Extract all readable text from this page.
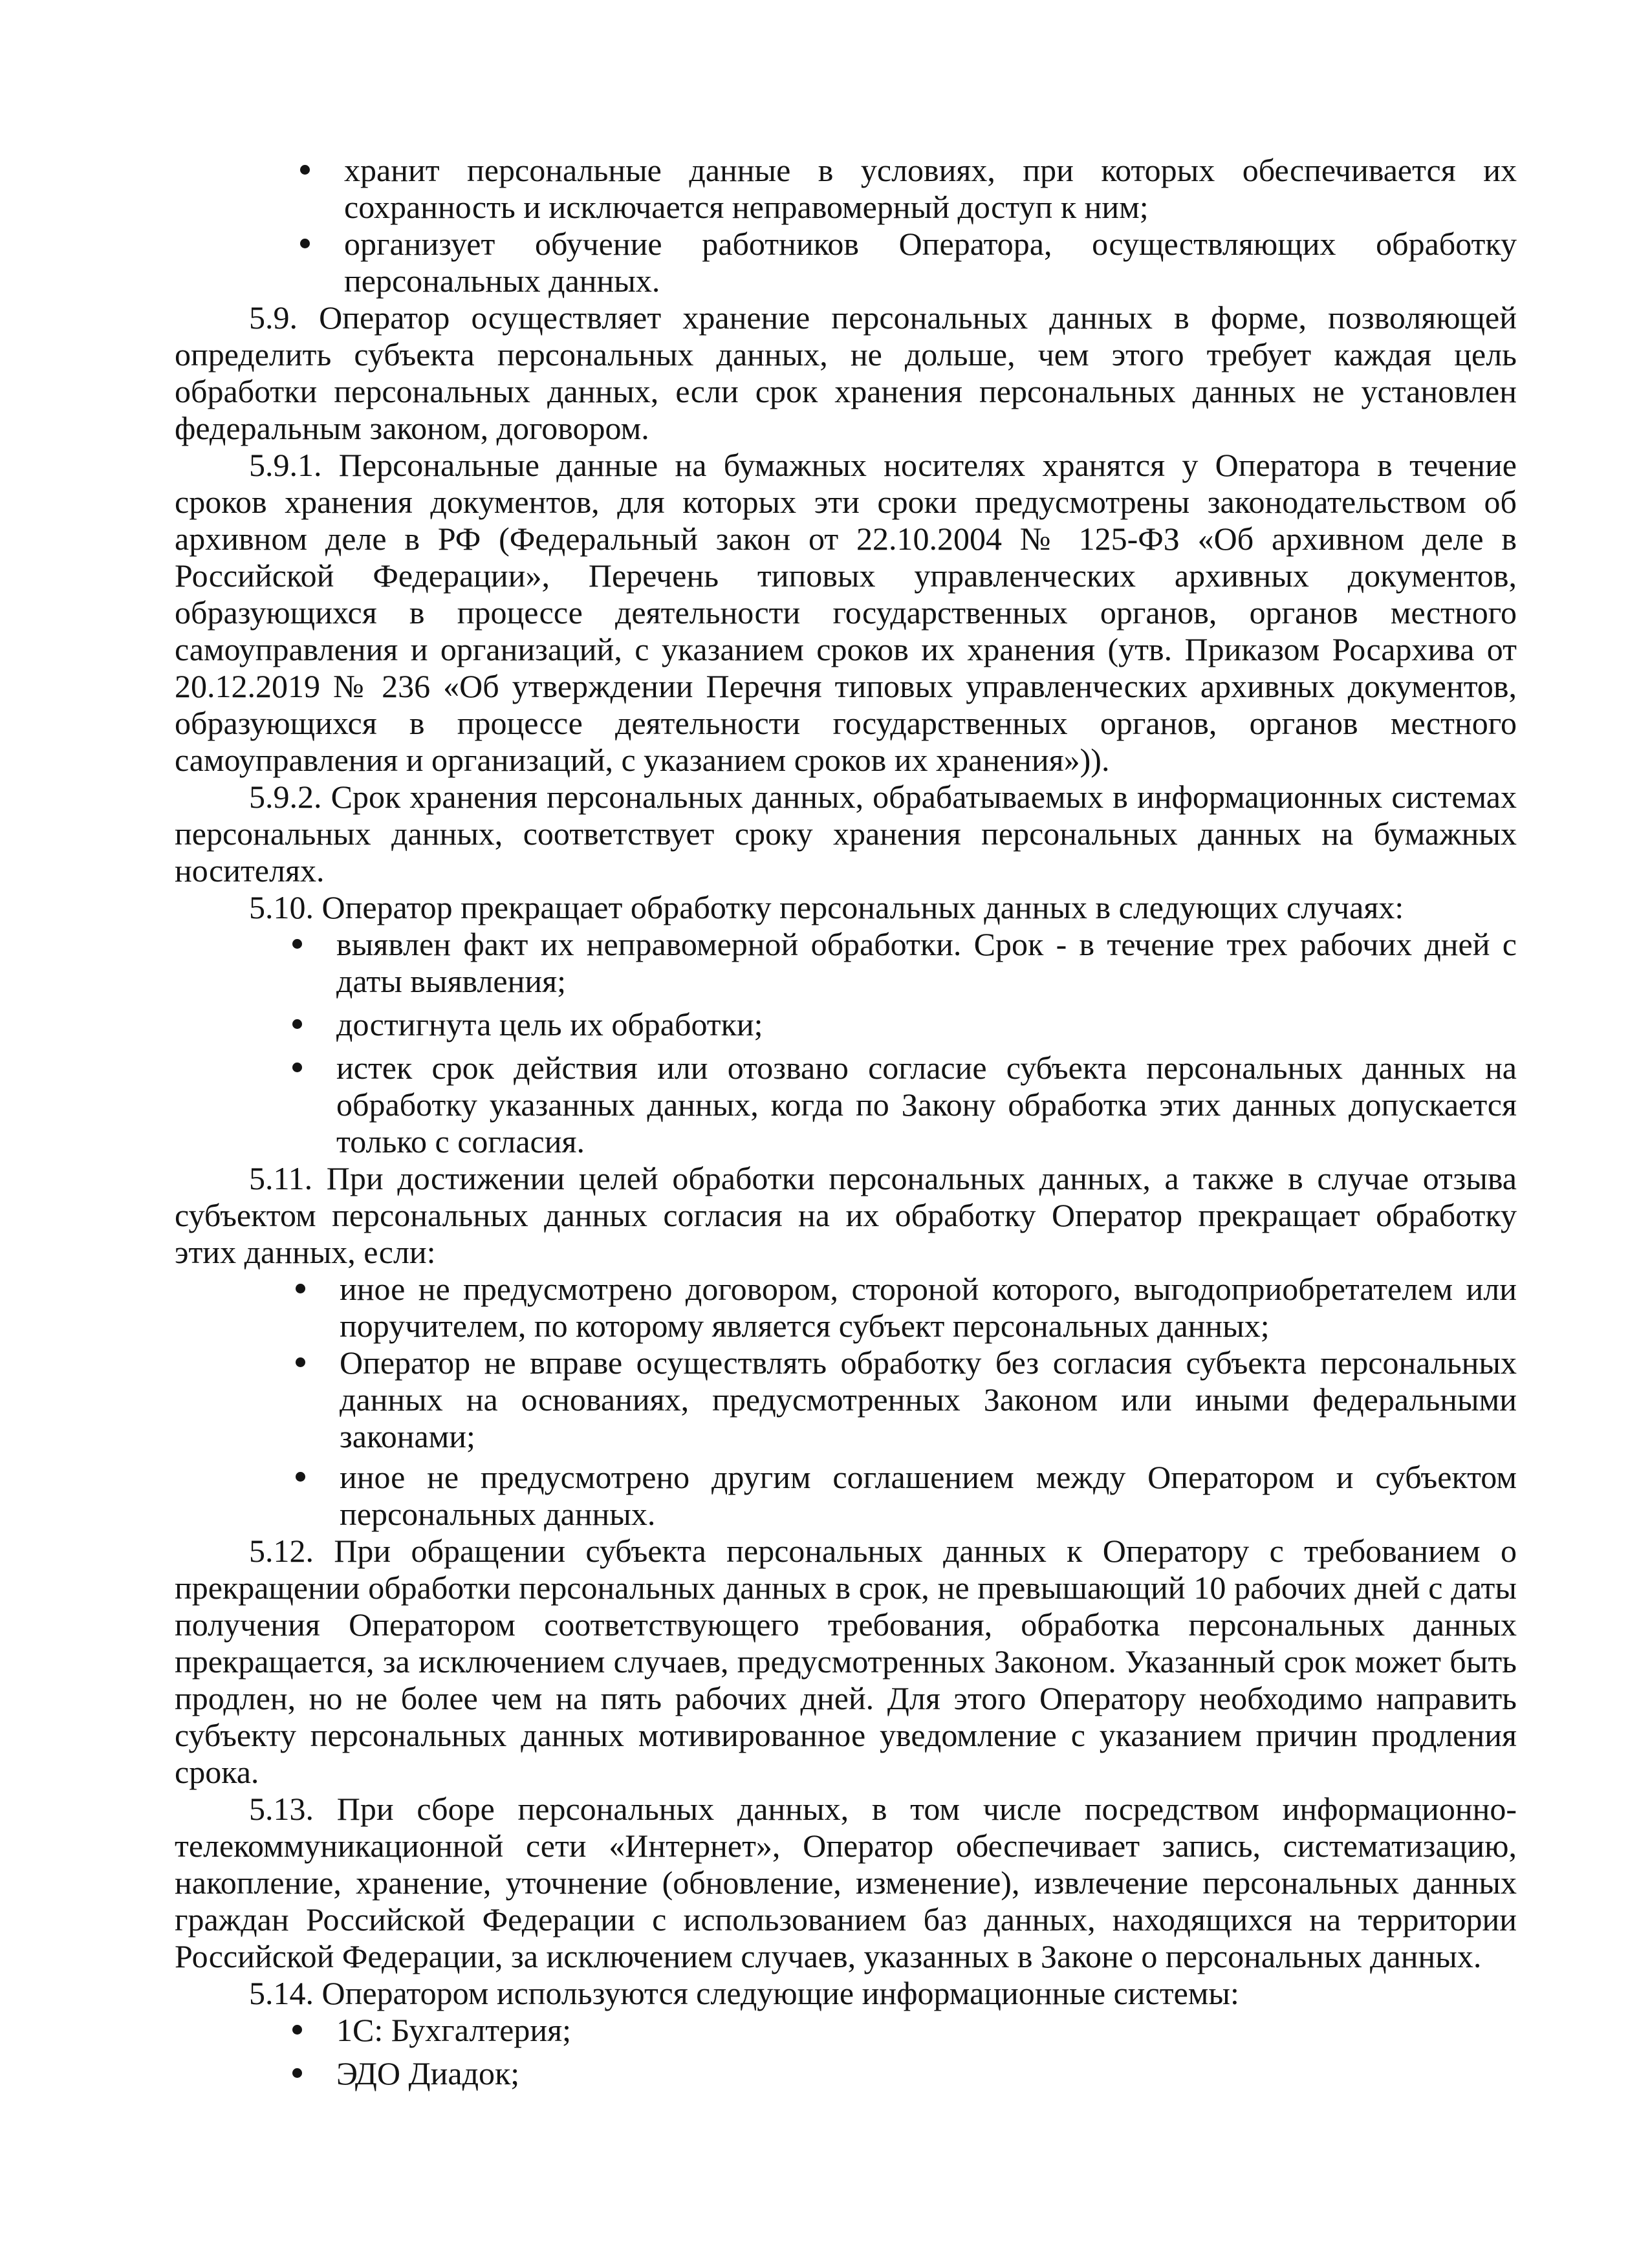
хранит персональные данные в условиях, при которых обеспечивается их сохранность и исключается неправомерный доступ к ним;
организует обучение работников Оператора, осуществляющих обработку персональных данных.

5.9. Оператор осуществляет хранение персональных данных в форме, позволяющей определить субъекта персональных данных, не дольше, чем этого требует каждая цель обработки персональных данных, если срок хранения персональных данных не установлен федеральным законом, договором.

5.9.1. Персональные данные на бумажных носителях хранятся у Оператора в течение сроков хранения документов, для которых эти сроки предусмотрены законодательством об архивном деле в РФ (Федеральный закон от 22.10.2004 № 125-ФЗ «Об архивном деле в Российской Федерации», Перечень типовых управленческих архивных документов, образующихся в процессе деятельности государственных органов, органов местного самоуправления и организаций, с указанием сроков их хранения (утв. Приказом Росархива от 20.12.2019 № 236 «Об утверждении Перечня типовых управленческих архивных документов, образующихся в процессе деятельности государственных органов, органов местного самоуправления и организаций, с указанием сроков их хранения»)).

5.9.2. Срок хранения персональных данных, обрабатываемых в информационных системах персональных данных, соответствует сроку хранения персональных данных на бумажных носителях.

5.10. Оператор прекращает обработку персональных данных в следующих случаях:

выявлен факт их неправомерной обработки. Срок - в течение трех рабочих дней с даты выявления;
достигнута цель их обработки;
истек срок действия или отозвано согласие субъекта персональных данных на обработку указанных данных, когда по Закону обработка этих данных допускается только с согласия.

5.11. При достижении целей обработки персональных данных, а также в случае отзыва субъектом персональных данных согласия на их обработку Оператор прекращает обработку этих данных, если:

иное не предусмотрено договором, стороной которого, выгодоприобретателем или поручителем, по которому является субъект персональных данных;
Оператор не вправе осуществлять обработку без согласия субъекта персональных данных на основаниях, предусмотренных Законом или иными федеральными законами;
иное не предусмотрено другим соглашением между Оператором и субъектом персональных данных.

5.12. При обращении субъекта персональных данных к Оператору с требованием о прекращении обработки персональных данных в срок, не превышающий 10 рабочих дней с даты получения Оператором соответствующего требования, обработка персональных данных прекращается, за исключением случаев, предусмотренных Законом. Указанный срок может быть продлен, но не более чем на пять рабочих дней. Для этого Оператору необходимо направить субъекту персональных данных мотивированное уведомление с указанием причин продления срока.

5.13. При сборе персональных данных, в том числе посредством информационно-телекоммуникационной сети «Интернет», Оператор обеспечивает запись, систематизацию, накопление, хранение, уточнение (обновление, изменение), извлечение персональных данных граждан Российской Федерации с использованием баз данных, находящихся на территории Российской Федерации, за исключением случаев, указанных в Законе о персональных данных.

5.14. Оператором используются следующие информационные системы:

1С: Бухгалтерия;
ЭДО Диадок;
